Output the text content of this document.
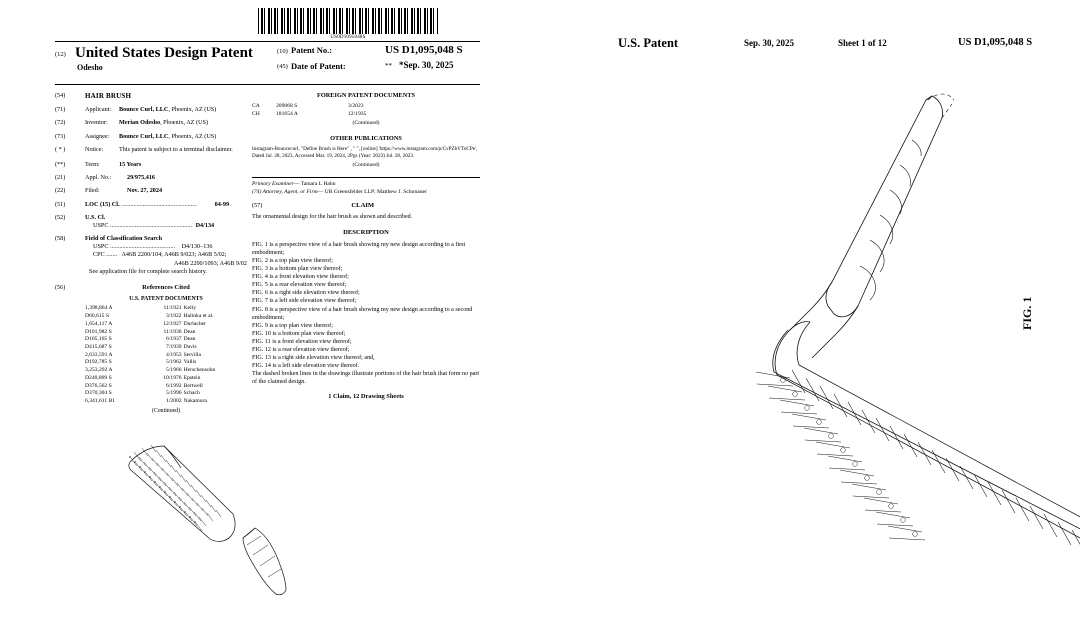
US0D1095048S
(12) United States Design Patent
Odesho
(10) Patent No.:	US D1,095,048 S
(45) Date of Patent:	** *Sep. 30, 2025
(54)	HAIR BRUSH
(71)	Applicant: Bounce Curl, LLC, Phoenix, AZ (US)
(72)	Inventor: Merian Odesho, Phoenix, AZ (US)
(73)	Assignee: Bounce Curl, LLC, Phoenix, AZ (US)
( * )	Notice:	This patent is subject to a terminal disclaimer.
(**)	Term:	15 Years
(21)	Appl. No.:	29/975,416
(22)	Filed:	Nov. 27, 2024
(51)	LOC (15) Cl. .................................................	04-99
(52)	U.S. Cl.
USPC ..................................................... D4/134
(58)	Field of Classification Search
USPC .......................................... D4/130–136
CPC ....... A46B 2200/104; A46B 9/023; A46B 5/02;
A46B 2200/1093; A46B 9/02
See application file for complete search history.
(56)	References Cited
U.S. PATENT DOCUMENTS
1,398,864 A	11/1921	Kelly
D60,615 S	3/1922	Halinka et al.
1,654,117 A	12/1927	Durlacher
D101,982 S	11/1936	Dean
D105,165 S	6/1937	Dean
D415,687 S	7/1939	Davis
2,633,591 A	4/1953	Servilla
D192,785 S	5/1962	Vallis
3,253,292 A	5/1966	Herschensohn
D240,809 S	10/1976	Epstein
D376,562 S	6/1992	Bertwell
D370,304 S	5/1996	Schach
6,341,611 B1	1/2002	Nakamura
(Continued)
FOREIGN PATENT DOCUMENTS
CA	209068 S	3/2023
CH	181654 A	12/1935
(Continued)
OTHER PUBLICATIONS
Instagram-Bouncecurl, "Define Brush is Here" , " ", [online] 'https://www.instagram.com/p/CvPZbVToCPe', Dated Jul. 28, 2023, Accessed Mar. 19, 2024, 2Pgs (Year: 2023) Jul. 28, 2023.
(Continued)
Primary Examiner— Tamara L Hahn
(74) Attorney, Agent, or Firm— UB Greensfelder LLP; Matthew J. Schonauer
(57)	CLAIM
The ornamental design for the hair brush as shown and described.
DESCRIPTION
FIG. 1 is a perspective view of a hair brush showing my new design according to a first embodiment;
FIG. 2 is a top plan view thereof;
FIG. 3 is a bottom plan view thereof;
FIG. 4 is a front elevation view thereof;
FIG. 5 is a rear elevation view thereof;
FIG. 6 is a right side elevation view thereof;
FIG. 7 is a left side elevation view thereof;
FIG. 8 is a perspective view of a hair brush showing my new design according to a second embodiment;
FIG. 9 is a top plan view thereof;
FIG. 10 is a bottom plan view thereof;
FIG. 11 is a front elevation view thereof;
FIG. 12 is a rear elevation view thereof;
FIG. 13 is a right side elevation view thereof; and,
FIG. 14 is a left side elevation view thereof.
The dashed broken lines in the drawings illustrate portions of the hair brush that form no part of the claimed design.
1 Claim, 12 Drawing Sheets
U.S. Patent	Sep. 30, 2025	Sheet 1 of 12	US D1,095,048 S
FIG. 1
